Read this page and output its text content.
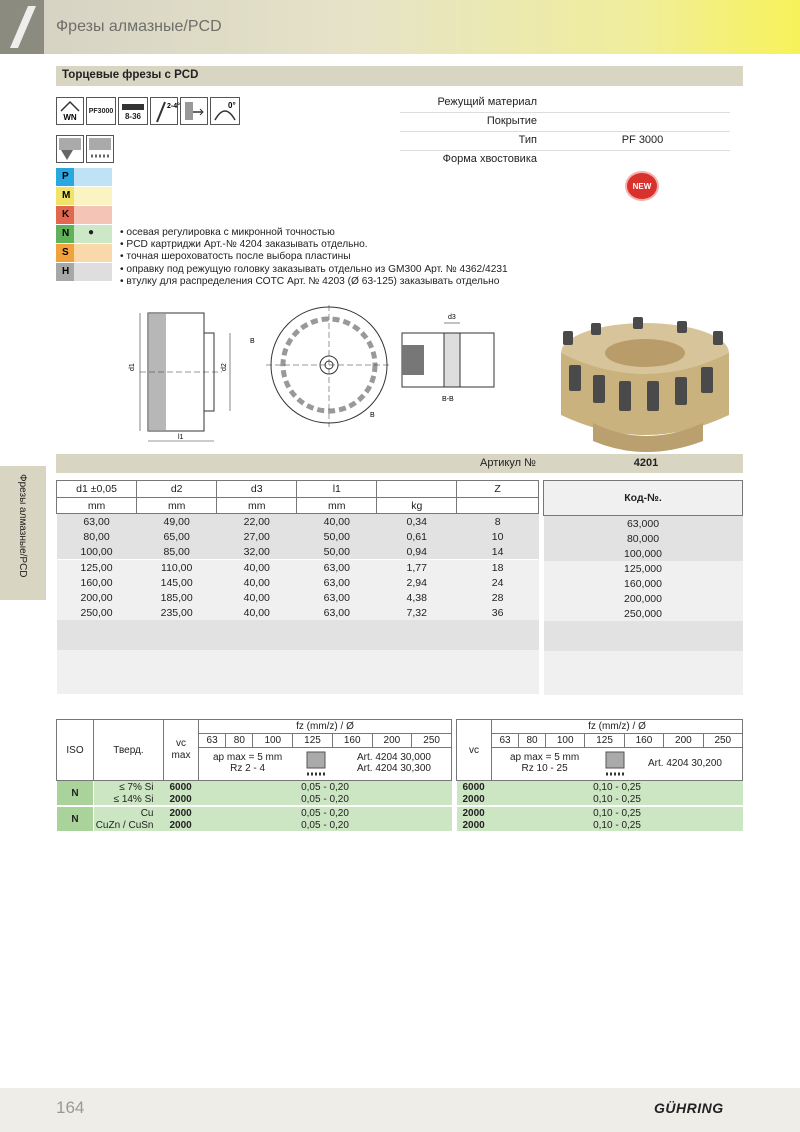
Фрезы алмазные/PCD
Торцевые фрезы с PCD
WN
PF3000
8-36
2-4°	0°	Режущий материал
Покрытие
Тип	PF 3000
Форма хвостовика
NEW
P
M
K
N	●
S
H
• осевая регулировка с микронной точностью
• PCD картриджи Арт.-№ 4204 заказывать отдельно.
• точная шероховатость после выбора пластины
• оправку под режущую головку заказывать отдельно из GM300 Арт. № 4362/4231
• втулку для распределения СОТС Арт. № 4203 (Ø 63-125) заказывать отдельно
d1	d2
l1
B
B
d3
B-B
Артикул №	4201
d1 ±0,05	d2	d3	l1		Z
mm	mm	mm	mm	kg	
63,00	49,00	22,00	40,00	0,34	8
80,00	65,00	27,00	50,00	0,61	10
100,00	85,00	32,00	50,00	0,94	14
125,00	110,00	40,00	63,00	1,77	18
160,00	145,00	40,00	63,00	2,94	24
200,00	185,00	40,00	63,00	4,38	28
250,00	235,00	40,00	63,00	7,32	36

Код-№.
63,000
80,000
100,000
125,000
160,000
200,000
250,000

ISO	Тверд.	vc
max	fz (mm/z) / Ø						
			63	80	100	125	160	200	250

			ap max = 5 mm
Rz 2 - 4
Art. 4204 30,000
Art. 4204 30,300						

N	≤ 7% Si	6000	0,05 - 0,20						
	≤ 14% Si	2000	0,05 - 0,20						
N	Cu	2000	0,05 - 0,20						
	CuZn / CuSn	2000	0,05 - 0,20						
vc	fz (mm/z) / Ø						
	63	80	100	125	160	200	250

	ap max = 5 mm
Rz 10 - 25 Art. 4204 30,200						

6000	0,10 - 0,25						
2000	0,10 - 0,25						
2000	0,10 - 0,25						
2000	0,10 - 0,25						
Фрезы алмазные/PCD
164	GÜHRING
